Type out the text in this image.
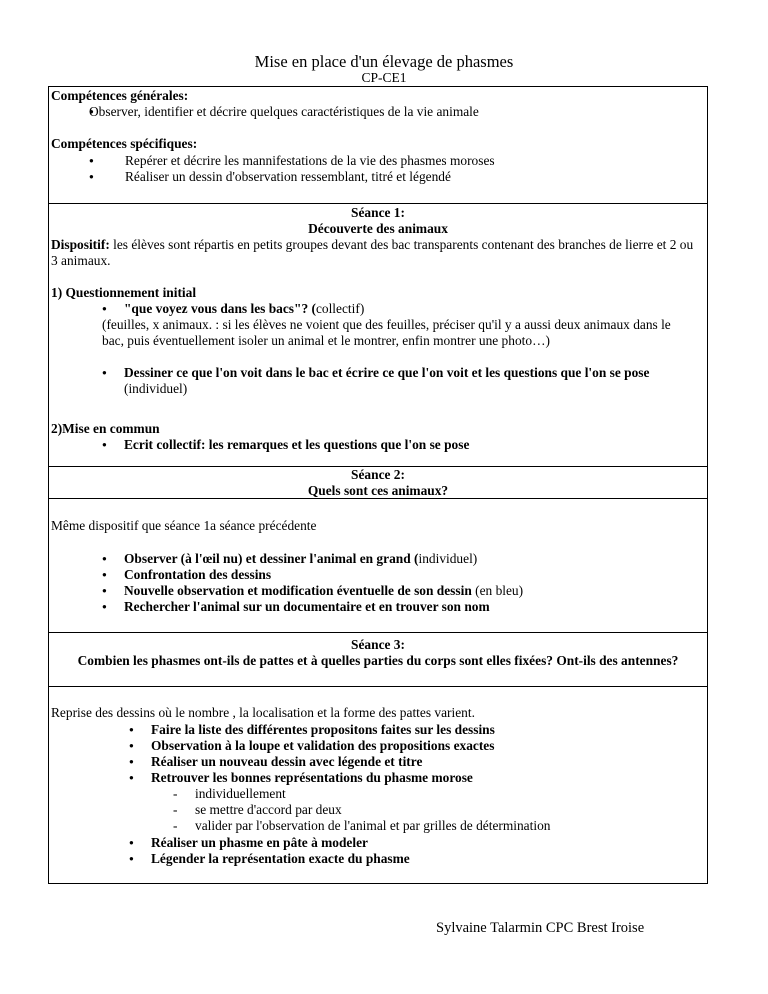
Mise en place d'un élevage de phasmes
CP-CE1

Compétences générales:

● Observer, identifier et décrire quelques caractéristiques de la vie animale

Compétences spécifiques:

● Repérer et décrire les mannifestations de la vie des phasmes moroses
● Réaliser un dessin d'observation ressemblant, titré et légendé
Séance 1:
Découverte des animaux

Dispositif: les élèves sont répartis en petits groupes devant des bac transparents contenant des branches de lierre et 2 ou 3 animaux.

1) Questionnement initial

● "que voyez vous dans les bacs"? (collectif)

(feuilles, x animaux. : si les élèves ne voient que des feuilles, préciser qu'il y a aussi deux animaux dans le bac, puis éventuellement isoler un animal et le montrer, enfin montrer une photo…)

● Dessiner ce que l'on voit dans le bac et écrire ce que l'on voit et les questions que l'on se pose (individuel)

2)Mise en commun

● Ecrit collectif: les remarques et les questions que l'on se pose
Séance 2:
Quels sont ces animaux?

Même dispositif que séance 1a séance précédente

● Observer (à l'œil nu) et dessiner l'animal en grand (individuel)
● Confrontation des dessins
● Nouvelle observation et modification éventuelle de son dessin (en bleu)
● Rechercher l'animal sur un documentaire et en trouver son nom
Séance 3:
Combien les phasmes ont-ils de pattes et à quelles parties du corps sont elles fixées? Ont-ils des antennes?

Reprise des dessins où le nombre , la localisation et la forme des pattes varient.

● Faire la liste des différentes propositons faites sur les dessins
● Observation à la loupe et validation des propositions exactes
● Réaliser un nouveau dessin avec légende et titre
● Retrouver les bonnes représentations du phasme morose
- individuellement
- se mettre d'accord par deux
- valider par l'observation de l'animal et par grilles de détermination
● Réaliser un phasme en pâte à modeler
● Légender la représentation exacte du phasme
Sylvaine Talarmin CPC Brest Iroise
